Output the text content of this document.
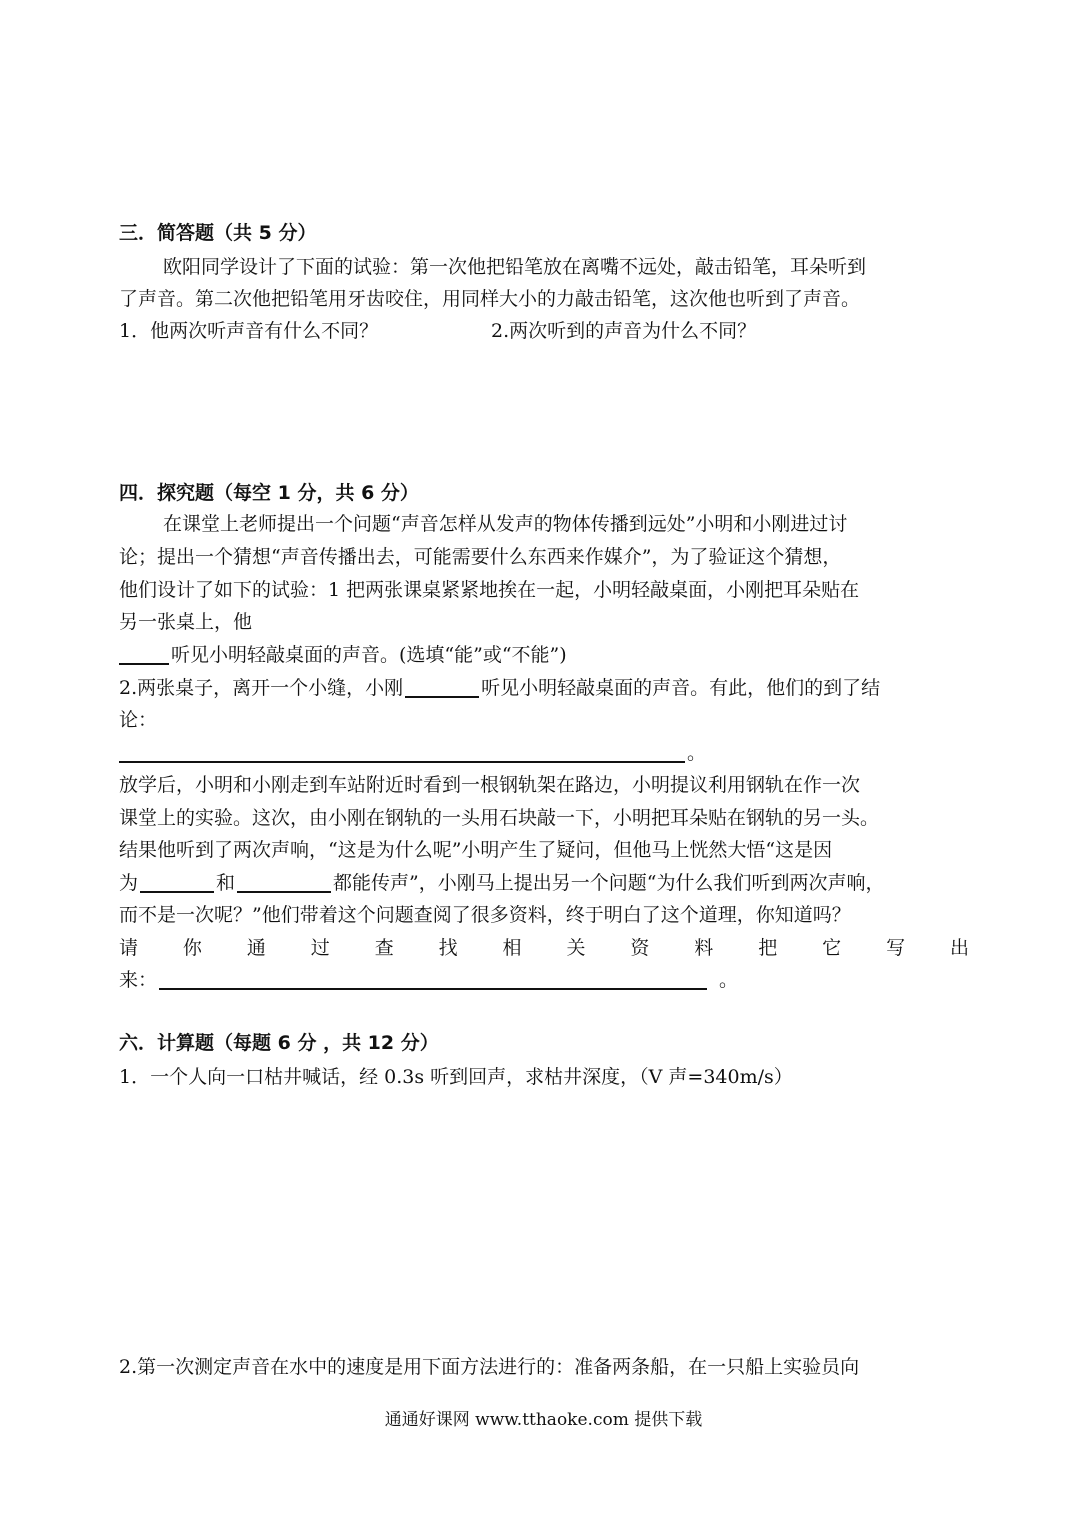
三．简答题（共 5 分）
欧阳同学设计了下面的试验：第一次他把铅笔放在离嘴不远处，敲击铅笔，耳朵听到
了声音。第二次他把铅笔用牙齿咬住，用同样大小的力敲击铅笔，这次他也听到了声音。
1．他两次听声音有什么不同？	2.两次听到的声音为什么不同？
四．探究题（每空 1 分，共 6 分）
在课堂上老师提出一个问题“声音怎样从发声的物体传播到远处”小明和小刚进过讨
论；提出一个猜想“声音传播出去，可能需要什么东西来作媒介”，为了验证这个猜想，
他们设计了如下的试验：1 把两张课桌紧紧地挨在一起，小明轻敲桌面，小刚把耳朵贴在
另一张桌上，他
听见小明轻敲桌面的声音。(选填“能”或“不能”)
2.两张桌子，离开一个小缝，小刚	听见小明轻敲桌面的声音。有此，他们的到了结
论：
。
放学后，小明和小刚走到车站附近时看到一根钢轨架在路边，小明提议利用钢轨在作一次
课堂上的实验。这次，由小刚在钢轨的一头用石块敲一下，小明把耳朵贴在钢轨的另一头。
结果他听到了两次声响，“这是为什么呢”小明产生了疑问，但他马上恍然大悟“这是因
为	和	都能传声”，小刚马上提出另一个问题“为什么我们听到两次声响，
而不是一次呢？”他们带着这个问题查阅了很多资料，终于明白了这个道理，你知道吗？
请 你 通 过 查 找 相 关 资 料 把 它 写 出
来：	。
六．计算题（每题 6 分 ，共 12 分）
1．一个人向一口枯井喊话，经 0.3s 听到回声，求枯井深度，（V 声=340m/s）
2.第一次测定声音在水中的速度是用下面方法进行的：准备两条船，在一只船上实验员向
通通好课网 www.tthaoke.com 提供下载
